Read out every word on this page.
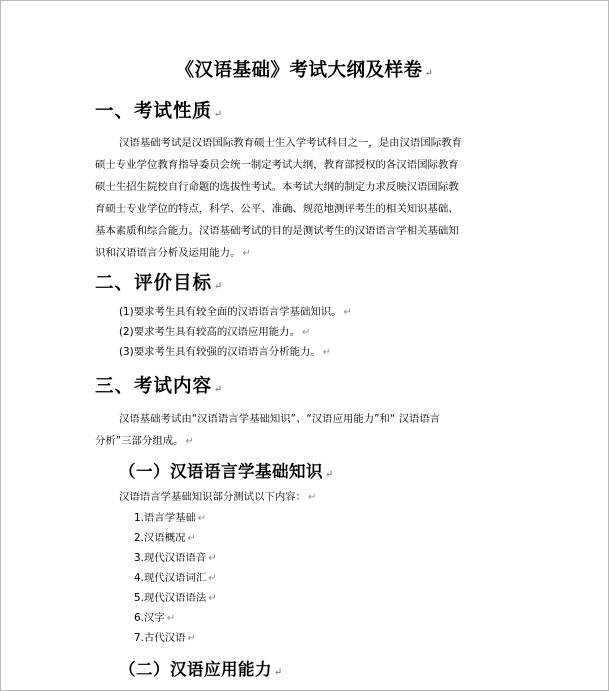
《汉语基础》考试大纲及样卷 ↵
一、考试性质 ↵
汉语基础考试是汉语国际教育硕士生入学考试科目之一，是由汉语国际教育
硕士专业学位教育指导委员会统一制定考试大纲，教育部授权的各汉语国际教育
硕士生招生院校自行命题的选拔性考试。本考试大纲的制定力求反映汉语国际教
育硕士专业学位的特点，科学、公平、准确、规范地测评考生的相关知识基础、
基本素质和综合能力。汉语基础考试的目的是测试考生的汉语语言学相关基础知
识和汉语语言分析及运用能力。 ↵
二、评价目标 ↵
(1)要求考生具有较全面的汉语语言学基础知识。 ↵
(2)要求考生具有较高的汉语应用能力。 ↵
(3)要求考生具有较强的汉语语言分析能力。 ↵
三、考试内容 ↵
汉语基础考试由“汉语语言学基础知识”、“汉语应用能力”和“ 汉语语言
分析”三部分组成。 ↵
（一）汉语语言学基础知识 ↵
汉语语言学基础知识部分测试以下内容： ↵
1.语言学基础 ↵
2.汉语概况 ↵
3.现代汉语语音 ↵
4.现代汉语词汇 ↵
5.现代汉语语法 ↵
6.汉字 ↵
7.古代汉语 ↵
（二）汉语应用能力 ↵
